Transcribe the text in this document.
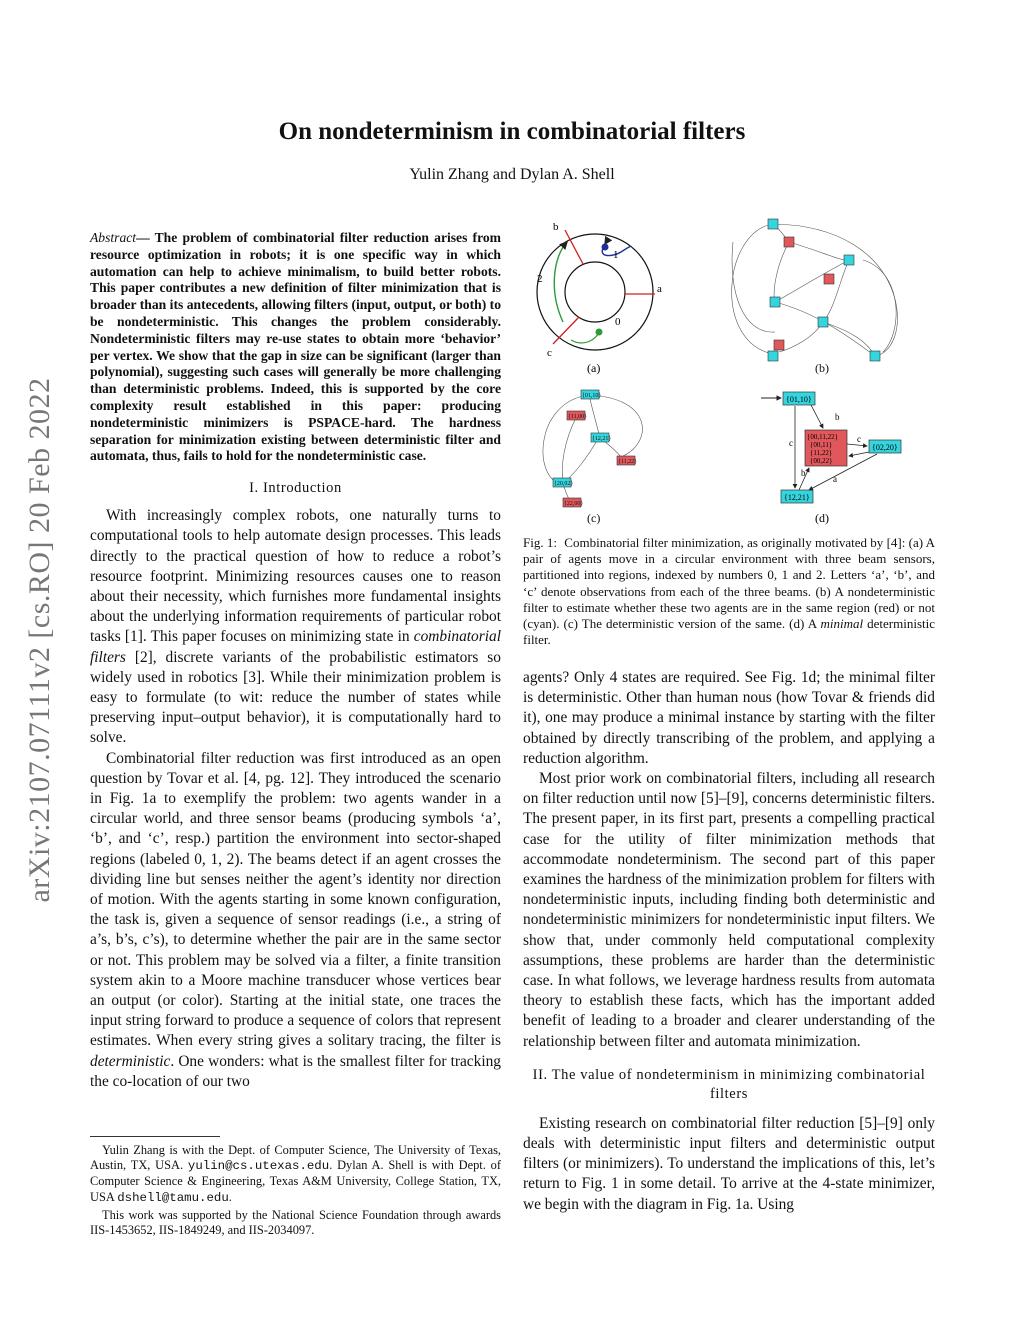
arXiv:2107.07111v2 [cs.RO] 20 Feb 2022
On nondeterminism in combinatorial filters
Yulin Zhang and Dylan A. Shell

Abstract— The problem of combinatorial filter reduction arises from resource optimization in robots; it is one specific way in which automation can help to achieve minimalism, to build better robots. This paper contributes a new definition of filter minimization that is broader than its antecedents, allowing filters (input, output, or both) to be nondeterministic. This changes the problem considerably. Nondeterministic filters may re-use states to obtain more ‘behavior’ per vertex. We show that the gap in size can be significant (larger than polynomial), suggesting such cases will generally be more challenging than deterministic problems. Indeed, this is supported by the core complexity result established in this paper: producing nondeterministic minimizers is PSPACE-hard. The hardness separation for minimization existing between deterministic filter and automata, thus, fails to hold for the nondeterministic case.

I. Introduction

With increasingly complex robots, one naturally turns to computational tools to help automate design processes. This leads directly to the practical question of how to reduce a robot’s resource footprint. Minimizing resources causes one to reason about their necessity, which furnishes more fundamental insights about the underlying information requirements of particular robot tasks [1]. This paper focuses on minimizing state in combinatorial filters [2], discrete variants of the probabilistic estimators so widely used in robotics [3]. While their minimization problem is easy to formulate (to wit: reduce the number of states while preserving input–output behavior), it is computationally hard to solve.

Combinatorial filter reduction was first introduced as an open question by Tovar et al. [4, pg. 12]. They introduced the scenario in Fig. 1a to exemplify the problem: two agents wander in a circular world, and three sensor beams (producing symbols ‘a’, ‘b’, and ‘c’, resp.) partition the environment into sector-shaped regions (labeled 0, 1, 2). The beams detect if an agent crosses the dividing line but senses neither the agent’s identity nor direction of motion. With the agents starting in some known configuration, the task is, given a sequence of sensor readings (i.e., a string of a’s, b’s, c’s), to determine whether the pair are in the same sector or not. This problem may be solved via a filter, a finite transition system akin to a Moore machine transducer whose vertices bear an output (or color). Starting at the initial state, one traces the input string forward to produce a sequence of colors that represent estimates. When every string gives a solitary tracing, the filter is deterministic. One wonders: what is the smallest filter for tracking the co-location of our two

Yulin Zhang is with the Dept. of Computer Science, The University of Texas, Austin, TX, USA. yulin@cs.utexas.edu. Dylan A. Shell is with Dept. of Computer Science & Engineering, Texas A&M University, College Station, TX, USA dshell@tamu.edu.

This work was supported by the National Science Foundation through awards IIS-1453652, IIS-1849249, and IIS-2034097.

b
a
c
0
1
2
(a)	(b)
{01,10}
{11,00}
{12,21}
{11,22}
{20,02}
{22,00}
(c)
{01,10}
{00,11,22}
{00,11}
{11,22}
{00,22}
{02,20}
{12,21}
b
c
c
a
b
(d)
Fig. 1: Combinatorial filter minimization, as originally motivated by [4]: (a) A pair of agents move in a circular environment with three beam sensors, partitioned into regions, indexed by numbers 0, 1 and 2. Letters ‘a’, ‘b’, and ‘c’ denote observations from each of the three beams. (b) A nondeterministic filter to estimate whether these two agents are in the same region (red) or not (cyan). (c) The deterministic version of the same. (d) A minimal deterministic filter.

agents? Only 4 states are required. See Fig. 1d; the minimal filter is deterministic. Other than human nous (how Tovar & friends did it), one may produce a minimal instance by starting with the filter obtained by directly transcribing of the problem, and applying a reduction algorithm.

Most prior work on combinatorial filters, including all research on filter reduction until now [5]–[9], concerns deterministic filters. The present paper, in its first part, presents a compelling practical case for the utility of filter minimization methods that accommodate nondeterminism. The second part of this paper examines the hardness of the minimization problem for filters with nondeterministic inputs, including finding both deterministic and nondeterministic minimizers for nondeterministic input filters. We show that, under commonly held computational complexity assumptions, these problems are harder than the deterministic case. In what follows, we leverage hardness results from automata theory to establish these facts, which has the important added benefit of leading to a broader and clearer understanding of the relationship between filter and automata minimization.

II. The value of nondeterminism in minimizing combinatorial filters

Existing research on combinatorial filter reduction [5]–[9] only deals with deterministic input filters and deterministic output filters (or minimizers). To understand the implications of this, let’s return to Fig. 1 in some detail. To arrive at the 4-state minimizer, we begin with the diagram in Fig. 1a. Using
